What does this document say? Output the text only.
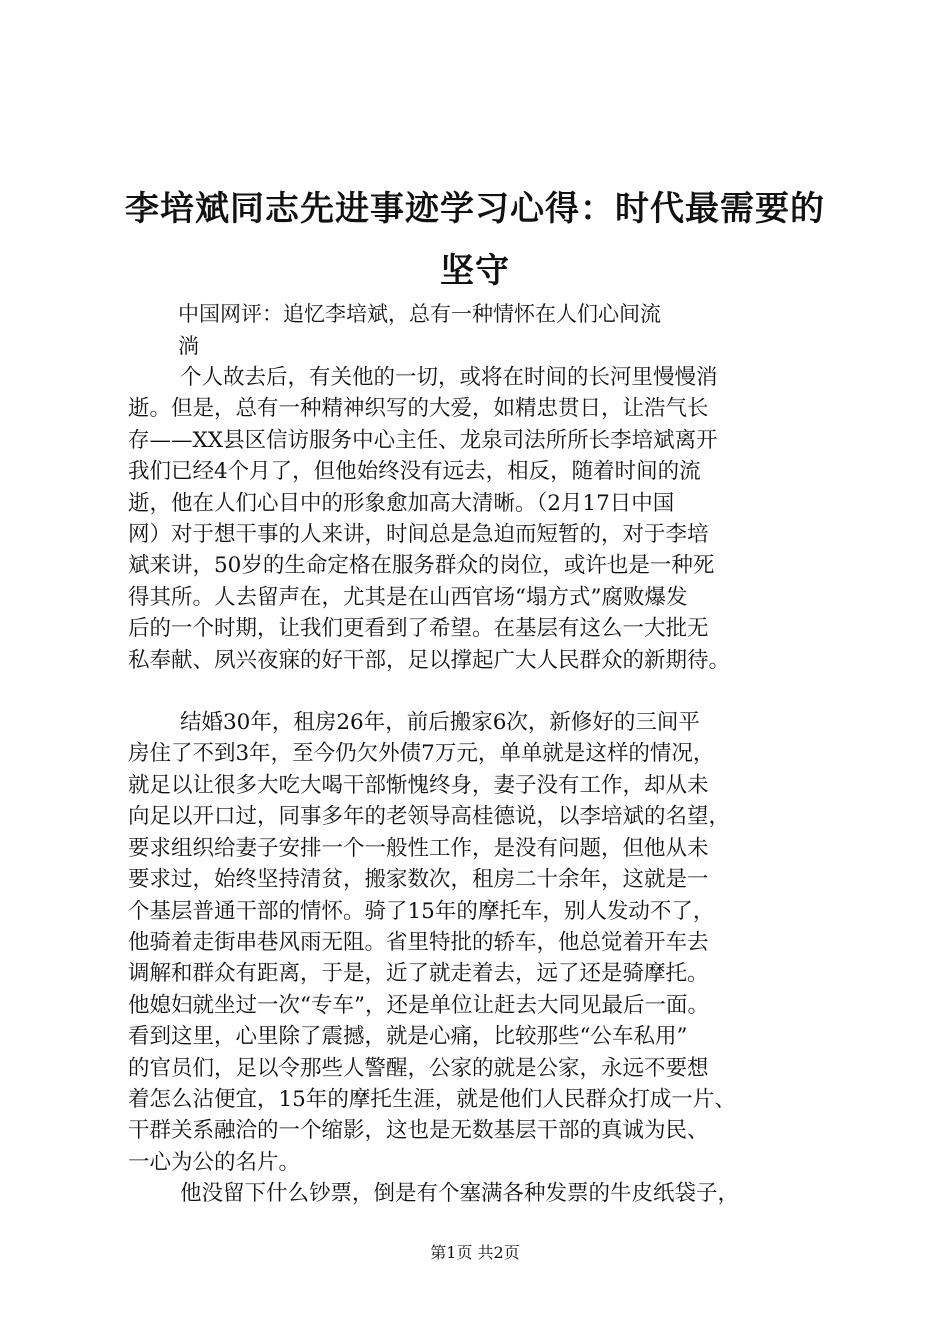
李培斌同志先进事迹学习心得：时代最需要的
坚守
中国网评：追忆李培斌，总有一种情怀在人们心间流
淌
个人故去后，有关他的一切，或将在时间的长河里慢慢消
逝。但是，总有一种精神织写的大爱，如精忠贯日，让浩气长
存——XX县区信访服务中心主任、龙泉司法所所长李培斌离开
我们已经4个月了，但他始终没有远去，相反，随着时间的流
逝，他在人们心目中的形象愈加高大清晰。（2月17日中国
网）对于想干事的人来讲，时间总是急迫而短暂的，对于李培
斌来讲，50岁的生命定格在服务群众的岗位，或许也是一种死
得其所。人去留声在，尤其是在山西官场“塌方式”腐败爆发
后的一个时期，让我们更看到了希望。在基层有这么一大批无
私奉献、夙兴夜寐的好干部，足以撑起广大人民群众的新期待。
结婚30年，租房26年，前后搬家6次，新修好的三间平
房住了不到3年，至今仍欠外债7万元，单单就是这样的情况，
就足以让很多大吃大喝干部惭愧终身，妻子没有工作，却从未
向足以开口过，同事多年的老领导高桂德说，以李培斌的名望，
要求组织给妻子安排一个一般性工作，是没有问题，但他从未
要求过，始终坚持清贫，搬家数次，租房二十余年，这就是一
个基层普通干部的情怀。骑了15年的摩托车，别人发动不了，
他骑着走街串巷风雨无阻。省里特批的轿车，他总觉着开车去
调解和群众有距离，于是，近了就走着去，远了还是骑摩托。
他媳妇就坐过一次“专车”，还是单位让赶去大同见最后一面。
看到这里，心里除了震撼，就是心痛，比较那些“公车私用”
的官员们，足以令那些人警醒，公家的就是公家，永远不要想
着怎么沾便宜，15年的摩托生涯，就是他们人民群众打成一片、
干群关系融洽的一个缩影，这也是无数基层干部的真诚为民、
一心为公的名片。
他没留下什么钞票，倒是有个塞满各种发票的牛皮纸袋子，
第1页 共2页
